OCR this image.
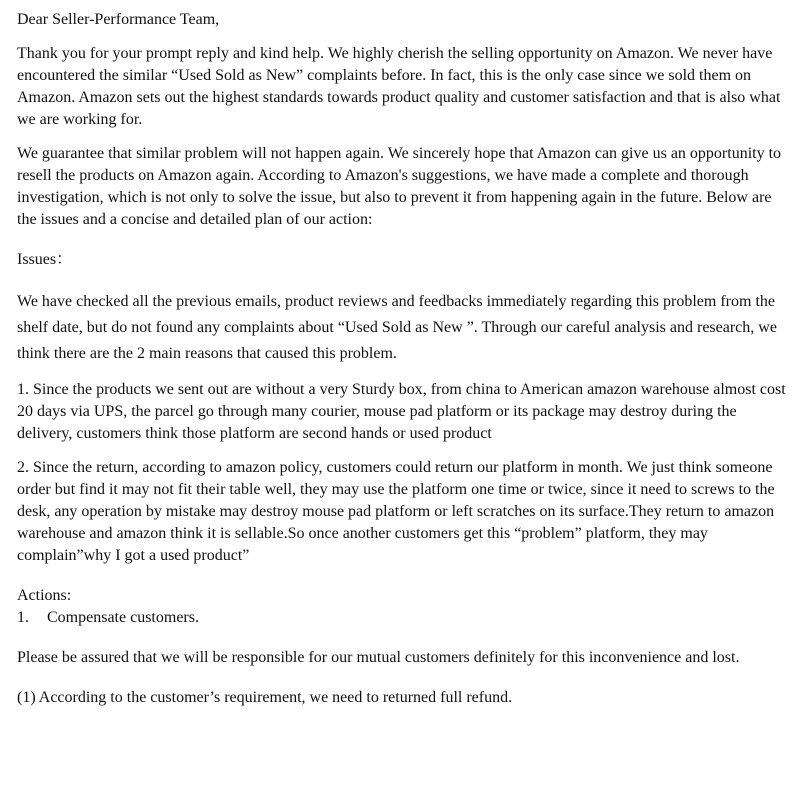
Dear Seller-Performance Team,

Thank you for your prompt reply and kind help. We highly cherish the selling opportunity on Amazon. We never have encountered the similar “Used Sold as New” complaints before. In fact, this is the only case since we sold them on Amazon. Amazon sets out the highest standards towards product quality and customer satisfaction and that is also what we are working for.

We guarantee that similar problem will not happen again. We sincerely hope that Amazon can give us an opportunity to resell the products on Amazon again. According to Amazon's suggestions, we have made a complete and thorough investigation, which is not only to solve the issue, but also to prevent it from happening again in the future. Below are the issues and a concise and detailed plan of our action:

Issues：

We have checked all the previous emails, product reviews and feedbacks immediately regarding this problem from the shelf date, but do not found any complaints about “Used Sold as New ”. Through our careful analysis and research, we think there are the 2 main reasons that caused this problem.

1. Since the products we sent out are without a very Sturdy box, from china to American amazon warehouse almost cost 20 days via UPS, the parcel go through many courier, mouse pad platform or its package may destroy during the delivery, customers think those platform are second hands or used product

2. Since the return, according to amazon policy, customers could return our platform in month. We just think someone order but find it may not fit their table well, they may use the platform one time or twice, since it need to screws to the desk, any operation by mistake may destroy mouse pad platform or left scratches on its surface.They return to amazon warehouse and amazon think it is sellable.So once another customers get this “problem” platform, they may complain”why I got a used product”

Actions:

1. Compensate customers.

Please be assured that we will be responsible for our mutual customers definitely for this inconvenience and lost.

(1) According to the customer’s requirement, we need to returned full refund.
